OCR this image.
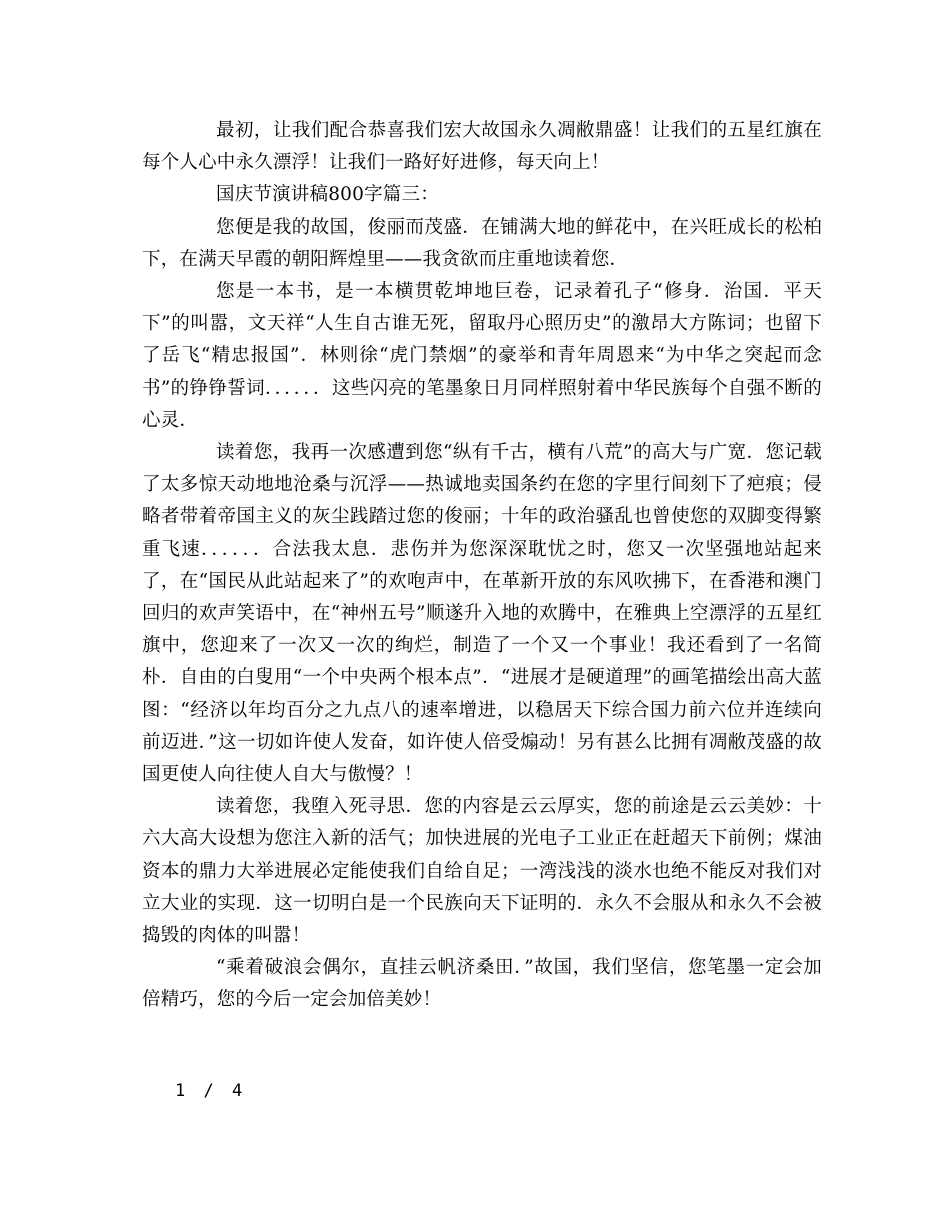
最初，让我们配合恭喜我们宏大故国永久凋敝鼎盛！让我们的五星红旗在每个人心中永久漂浮！让我们一路好好进修，每天向上！

国庆节演讲稿800字篇三：

您便是我的故国，俊丽而茂盛．在铺满大地的鲜花中，在兴旺成长的松柏下，在满天早霞的朝阳辉煌里——我贪欲而庄重地读着您．

您是一本书，是一本横贯乾坤地巨卷，记录着孔子“修身．治国．平天下”的叫嚣，文天祥“人生自古谁无死，留取丹心照历史”的激昂大方陈词；也留下了岳飞“精忠报国”．林则徐“虎门禁烟”的豪举和青年周恩来“为中华之突起而念书”的铮铮誓词．．．．．．这些闪亮的笔墨象日月同样照射着中华民族每个自强不断的心灵．

读着您，我再一次感遭到您“纵有千古，横有八荒”的高大与广宽．您记载了太多惊天动地地沧桑与沉浮——热诚地卖国条约在您的字里行间刻下了疤痕；侵略者带着帝国主义的灰尘践踏过您的俊丽；十年的政治骚乱也曾使您的双脚变得繁重飞速．．．．．．合法我太息．悲伤并为您深深耽忧之时，您又一次坚强地站起来了，在“国民从此站起来了”的欢咆声中，在革新开放的东风吹拂下，在香港和澳门回归的欢声笑语中，在“神州五号”顺遂升入地的欢腾中，在雅典上空漂浮的五星红旗中，您迎来了一次又一次的绚烂，制造了一个又一个事业！我还看到了一名简朴．自由的白叟用“一个中央两个根本点”．“进展才是硬道理”的画笔描绘出高大蓝图：“经济以年均百分之九点八的速率增进，以稳居天下综合国力前六位并连续向前迈进．”这一切如许使人发奋，如许使人倍受煽动！另有甚么比拥有凋敝茂盛的故国更使人向往使人自大与傲慢？！

读着您，我堕入死寻思．您的内容是云云厚实，您的前途是云云美妙：十六大高大设想为您注入新的活气；加快进展的光电子工业正在赶超天下前例；煤油资本的鼎力大举进展必定能使我们自给自足；一湾浅浅的淡水也绝不能反对我们对立大业的实现．这一切明白是一个民族向天下证明的．永久不会服从和永久不会被捣毁的肉体的叫嚣！

“乘着破浪会偶尔，直挂云帆济桑田．”故国，我们坚信，您笔墨一定会加倍精巧，您的今后一定会加倍美妙！

1 / 4
